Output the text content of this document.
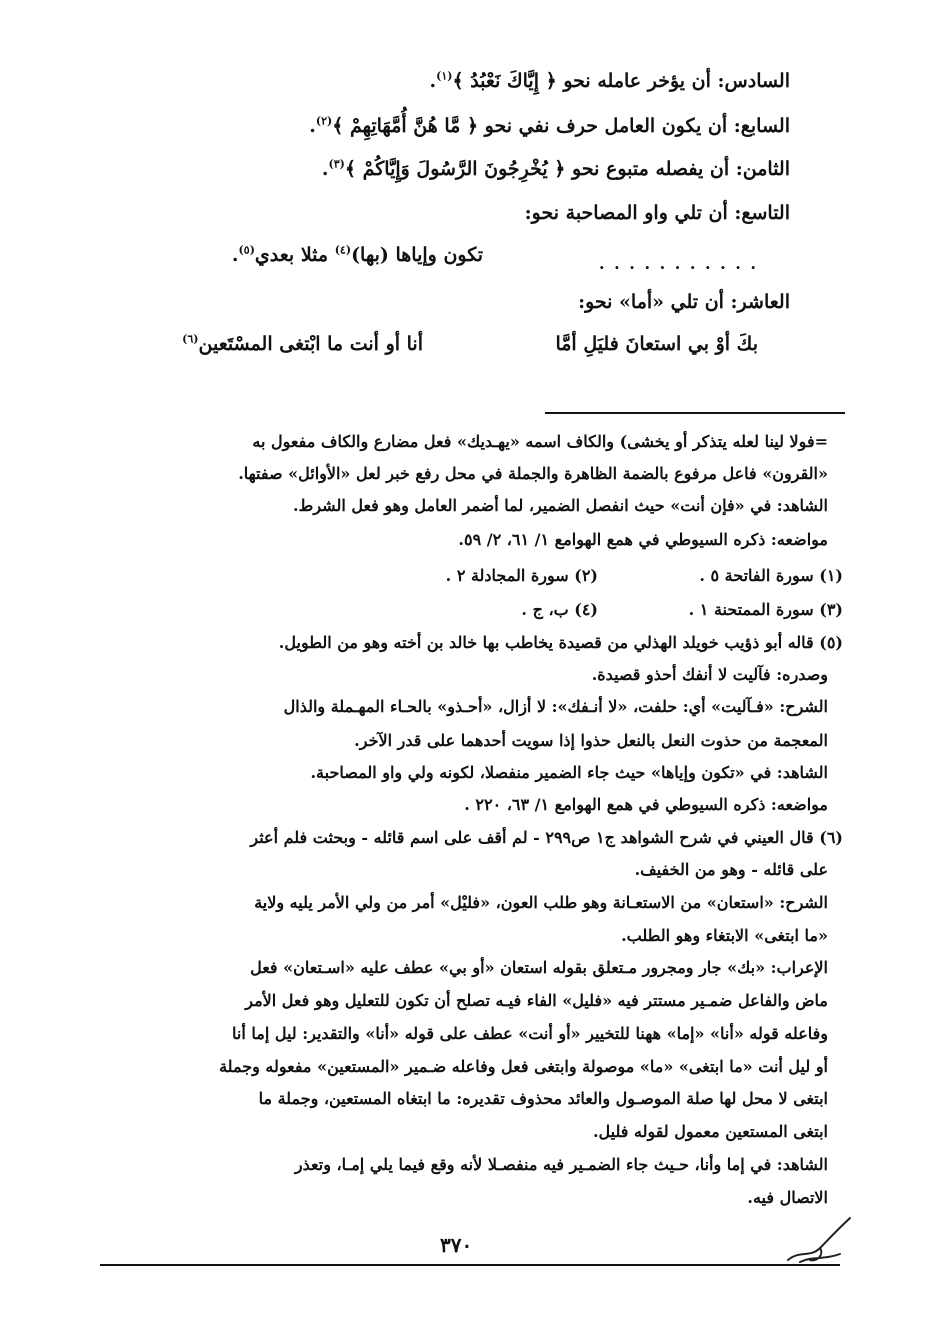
السادس: أن يؤخر عامله نحو ﴿ إِيَّاكَ نَعْبُدُ ﴾$^{(١)}$.
السابع: أن يكون العامل حرف نفي نحو ﴿ مَّا هُنَّ أُمَّهَاتِهِمْ ﴾$^{(٢)}$.
الثامن: أن يفصله متبوع نحو ﴿ يُخْرِجُونَ الرَّسُولَ وَإِيَّاكُمْ ﴾$^{(٣)}$.
التاسع: أن تلي واو المصاحبة نحو:
تكون وإياها (بها)$^{(٤)}$ مثلا بعدي$^{(٥)}$.	. . . . . . . . . . .
العاشر: أن تلي «أما» نحو:
بكَ أوْ بي استعانَ فليَلِ أمَّا
أنا أو أنت ما ابْتغى المسْتَعين$^{(٦)}$
=فولا لينا لعله يتذكر أو يخشى) والكاف اسمه «يهـديك» فعل مضارع والكاف مفعول به
«القرون» فاعل مرفوع بالضمة الظاهرة والجملة في محل رفع خبر لعل «الأوائل» صفتها.
الشاهد: في «فإن أنت» حيث انفصل الضمير، لما أضمر العامل وهو فعل الشرط.
مواضعه: ذكره السيوطي في همع الهوامع ١/ ٦١، ٢/ ٥٩.
(١) سورة الفاتحة ٥ .
(٢) سورة المجادلة ٢ .
(٣) سورة الممتحنة ١ .
(٤) ب، ج .
(٥) قاله أبو ذؤيب خويلد الهذلي من قصيدة يخاطب بها خالد بن أخته وهو من الطويل.
وصدره: فآليت لا أنفك أحذو قصيدة.
الشرح: «فـآليت» أي: حلفت، «لا أنـفك»: لا أزال، «أحـذو» بالحـاء المهـملة والذال
المعجمة من حذوت النعل بالنعل حذوا إذا سويت أحدهما على قدر الآخر.
الشاهد: في «تكون وإياها» حيث جاء الضمير منفصلا، لكونه ولي واو المصاحبة.
مواضعه: ذكره السيوطي في همع الهوامع ١/ ٦٣، ٢٢٠ .
(٦) قال العيني في شرح الشواهد ج١ ص٢٩٩ - لم أقف على اسم قائله - وبحثت فلم أعثر
على قائله - وهو من الخفيف.
الشرح: «استعان» من الاستعـانة وهو طلب العون، «فليْل» أمر من ولي الأمر يليه ولاية
«ما ابتغى» الابتغاء وهو الطلب.
الإعراب: «بك» جار ومجرور مـتعلق بقوله استعان «أو بي» عطف عليه «اسـتعان» فعل
ماض والفاعل ضمـير مستتر فيه «فليل» الفاء فيـه تصلح أن تكون للتعليل وهو فعل الأمر
وفاعله قوله «أنا» «إما» ههنا للتخيير «أو أنت» عطف على قوله «أنا» والتقدير: ليل إما أنا
أو ليل أنت «ما ابتغى» «ما» موصولة وابتغى فعل وفاعله ضـمير «المستعين» مفعوله وجملة
ابتغى لا محل لها صلة الموصـول والعائد محذوف تقديره: ما ابتغاه المستعين، وجملة ما
ابتغى المستعين معمول لقوله فليل.
الشاهد: في إما وأنا، حـيث جاء الضمـير فيه منفصـلا لأنه وقع فيما يلي إمـا، وتعذر
الاتصال فيه.
٣٧٠
